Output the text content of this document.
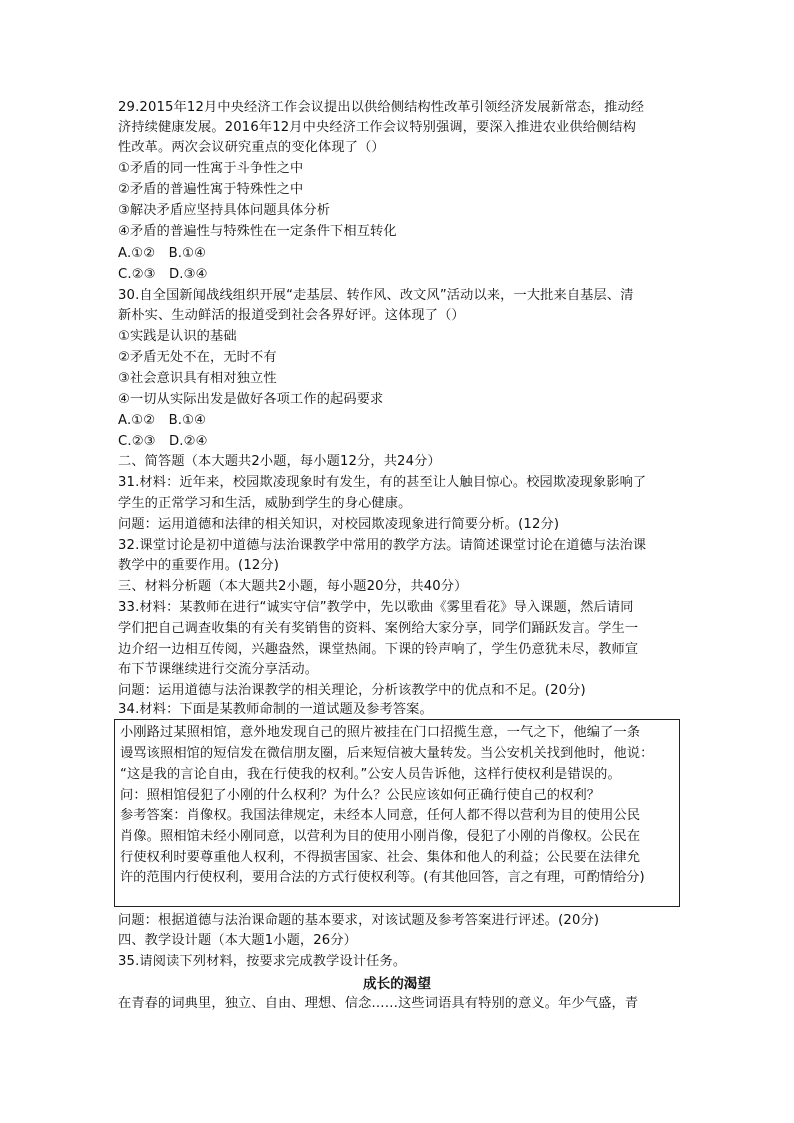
29.2015年12月中央经济工作会议提出以供给侧结构性改革引领经济发展新常态，推动经
济持续健康发展。2016年12月中央经济工作会议特别强调，要深入推进农业供给侧结构
性改革。两次会议研究重点的变化体现了（）
①矛盾的同一性寓于斗争性之中
②矛盾的普遍性寓于特殊性之中
③解决矛盾应坚持具体问题具体分析
④矛盾的普遍性与特殊性在一定条件下相互转化
A.①②　B.①④
C.②③　D.③④
30.自全国新闻战线组织开展“走基层、转作风、改文风”活动以来，一大批来自基层、清
新朴实、生动鲜活的报道受到社会各界好评。这体现了（）
①实践是认识的基础
②矛盾无处不在，无时不有
③社会意识具有相对独立性
④一切从实际出发是做好各项工作的起码要求
A.①②　B.①④
C.②③　D.②④
二、简答题（本大题共2小题，每小题12分，共24分）
31.材料：近年来，校园欺凌现象时有发生，有的甚至让人触目惊心。校园欺凌现象影响了
学生的正常学习和生活，威胁到学生的身心健康。
问题：运用道德和法律的相关知识，对校园欺凌现象进行简要分析。(12分)
32.课堂讨论是初中道德与法治课教学中常用的教学方法。请简述课堂讨论在道德与法治课
教学中的重要作用。(12分)
三、材料分析题（本大题共2小题，每小题20分，共40分）
33.材料：某教师在进行“诚实守信”教学中，先以歌曲《雾里看花》导入课题，然后请同
学们把自己调查收集的有关有奖销售的资料、案例给大家分享，同学们踊跃发言。学生一
边介绍一边相互传阅，兴趣盎然，课堂热闹。下课的铃声响了，学生仍意犹未尽，教师宣
布下节课继续进行交流分享活动。
问题：运用道德与法治课教学的相关理论，分析该教学中的优点和不足。(20分)
34.材料：下面是某教师命制的一道试题及参考答案。
小刚路过某照相馆，意外地发现自己的照片被挂在门口招揽生意，一气之下，他编了一条
谩骂该照相馆的短信发在微信朋友圈，后来短信被大量转发。当公安机关找到他时，他说：
“这是我的言论自由，我在行使我的权利。”公安人员告诉他，这样行使权利是错误的。
问：照相馆侵犯了小刚的什么权利？为什么？公民应该如何正确行使自己的权利？
参考答案：肖像权。我国法律规定，未经本人同意，任何人都不得以营利为目的使用公民
肖像。照相馆未经小刚同意，以营利为目的使用小刚肖像，侵犯了小刚的肖像权。公民在
行使权利时要尊重他人权利，不得损害国家、社会、集体和他人的利益；公民要在法律允
许的范围内行使权利，要用合法的方式行使权利等。(有其他回答，言之有理，可酌情给分)
问题：根据道德与法治课命题的基本要求，对该试题及参考答案进行评述。(20分)
四、教学设计题（本大题1小题，26分）
35.请阅读下列材料，按要求完成教学设计任务。
成长的渴望
在青春的词典里，独立、自由、理想、信念……这些词语具有特别的意义。年少气盛，青
